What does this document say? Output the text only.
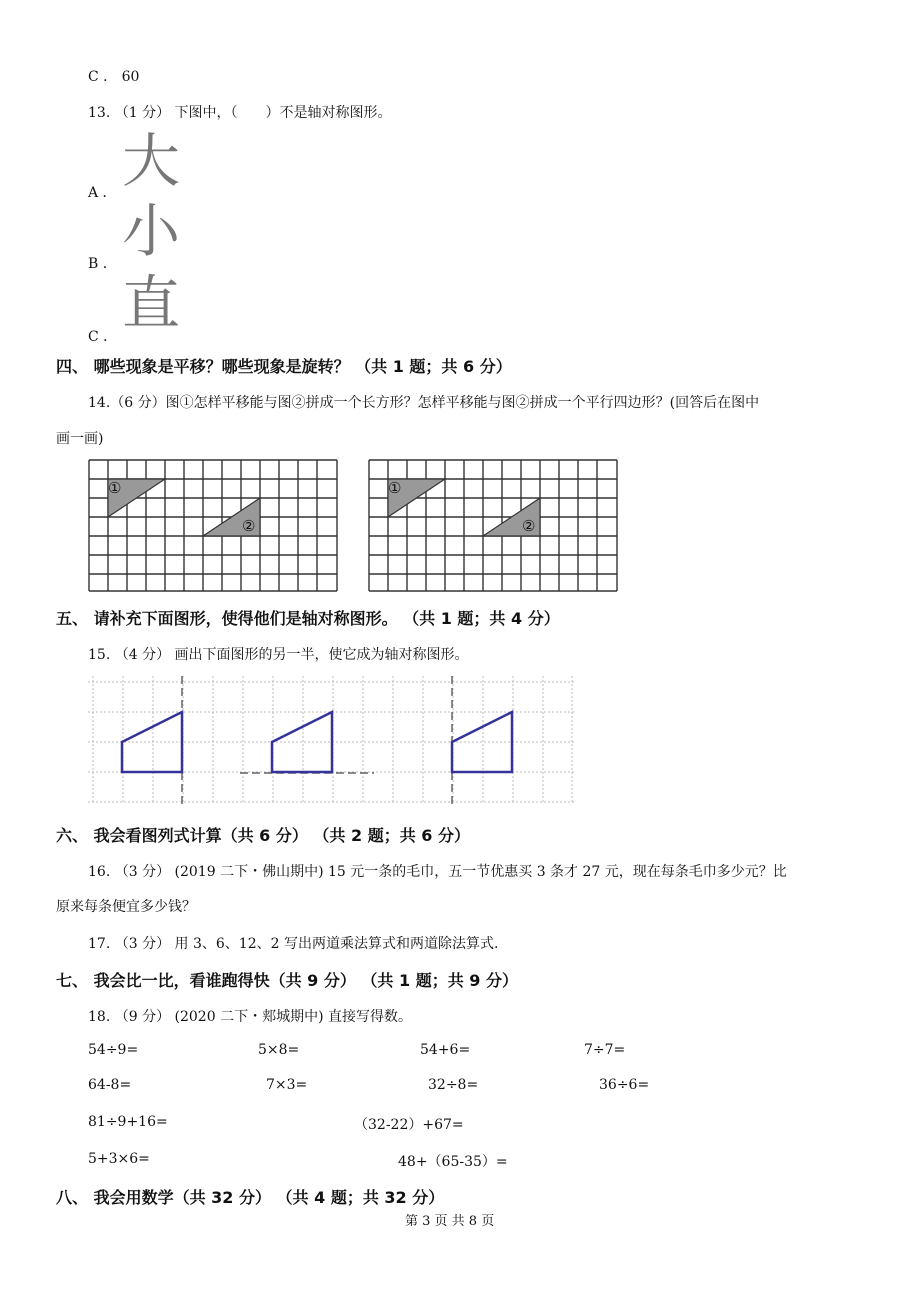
C ． 60
13. （1 分） 下图中，（　　）不是轴对称图形。
A ． 大
B ． 小
C ． 直
四、 哪些现象是平移？哪些现象是旋转？ （共 1 题；共 6 分）
14.（6 分）图①怎样平移能与图②拼成一个长方形？怎样平移能与图②拼成一个平行四边形？(回答后在图中
画一画)
①
②
①
②
五、 请补充下面图形，使得他们是轴对称图形。 （共 1 题；共 4 分）
15. （4 分） 画出下面图形的另一半，使它成为轴对称图形。
六、 我会看图列式计算（共 6 分） （共 2 题；共 6 分）
16. （3 分） (2019 二下・佛山期中) 15 元一条的毛巾，五一节优惠买 3 条才 27 元，现在每条毛巾多少元？比
原来每条便宜多少钱？
17. （3 分） 用 3、6、12、2 写出两道乘法算式和两道除法算式.
七、 我会比一比，看谁跑得快（共 9 分） （共 1 题；共 9 分）
18. （9 分） (2020 二下・郏城期中) 直接写得数。
54÷9=	5×8=	54+6=	7÷7=
64-8=	7×3=	32÷8=	36÷6=
81÷9+16=	（32-22）+67=
5+3×6=	48+（65-35）=
八、 我会用数学（共 32 分） （共 4 题；共 32 分）
第 3 页 共 8 页
